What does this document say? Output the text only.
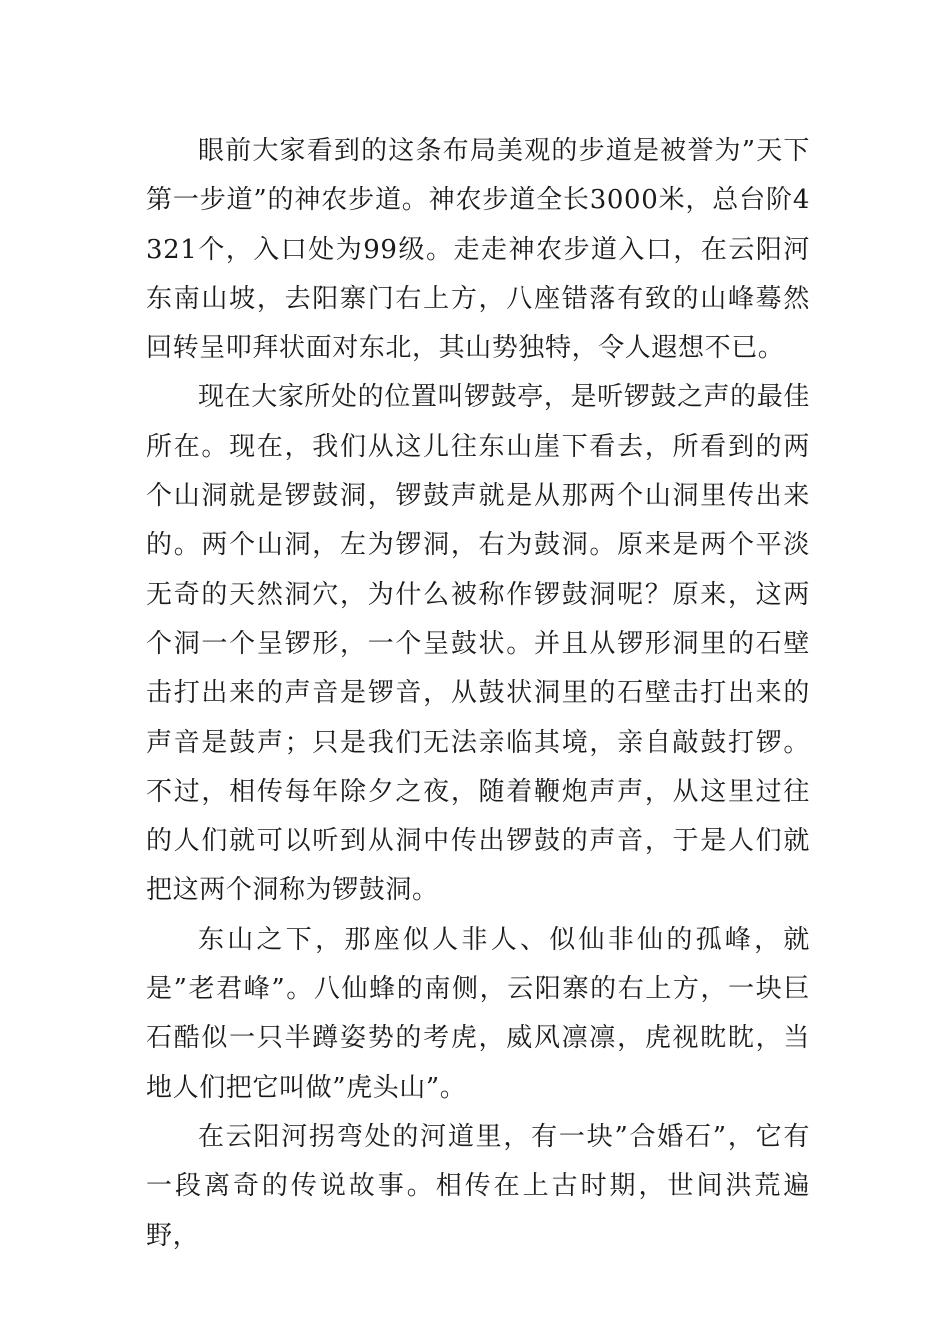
眼前大家看到的这条布局美观的步道是被誉为”天下第一步道”的神农步道。神农步道全长3000米，总台阶4321个，入口处为99级。走走神农步道入口，在云阳河东南山坡，去阳寨门右上方，八座错落有致的山峰蓦然回转呈叩拜状面对东北，其山势独特，令人遐想不已。

现在大家所处的位置叫锣鼓亭，是听锣鼓之声的最佳所在。现在，我们从这儿往东山崖下看去，所看到的两个山洞就是锣鼓洞，锣鼓声就是从那两个山洞里传出来的。两个山洞，左为锣洞，右为鼓洞。原来是两个平淡无奇的天然洞穴，为什么被称作锣鼓洞呢？原来，这两个洞一个呈锣形，一个呈鼓状。并且从锣形洞里的石壁击打出来的声音是锣音，从鼓状洞里的石壁击打出来的声音是鼓声；只是我们无法亲临其境，亲自敲鼓打锣。不过，相传每年除夕之夜，随着鞭炮声声，从这里过往的人们就可以听到从洞中传出锣鼓的声音，于是人们就把这两个洞称为锣鼓洞。

东山之下，那座似人非人、似仙非仙的孤峰，就是”老君峰”。八仙蜂的南侧，云阳寨的右上方，一块巨石酷似一只半蹲姿势的考虎，威风凛凛，虎视眈眈，当地人们把它叫做”虎头山”。

在云阳河拐弯处的河道里，有一块”合婚石”，它有一段离奇的传说故事。相传在上古时期，世间洪荒遍野，
